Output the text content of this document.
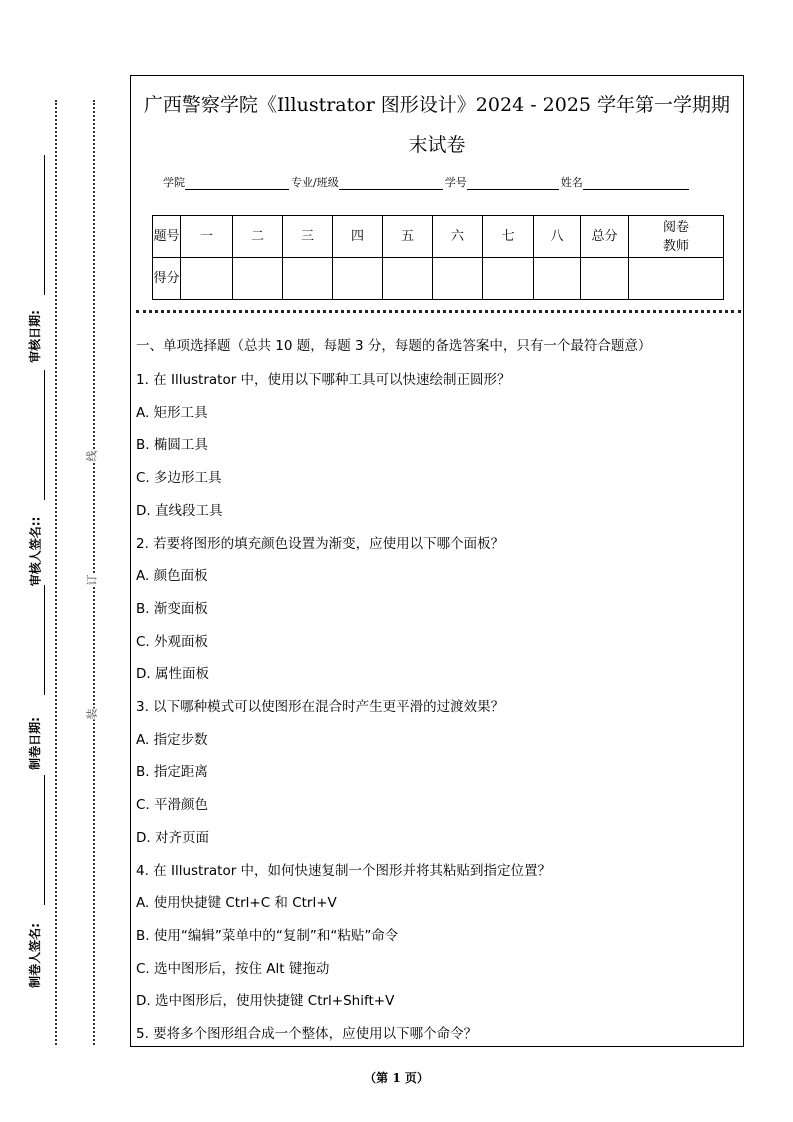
审核日期:
审核人签名::
制卷日期:
制卷人签名:
线
订
装
广西警察学院《Illustrator 图形设计》2024 - 2025 学年第一学期期
末试卷
学院	专业/班级	学号	姓名
题号	一	二	三	四	五	六	七	八	总分	阅卷教师
得分										
一、单项选择题（总共 10 题，每题 3 分，每题的备选答案中，只有一个最符合题意）
1. 在 Illustrator 中，使用以下哪种工具可以快速绘制正圆形？
A. 矩形工具
B. 椭圆工具
C. 多边形工具
D. 直线段工具
2. 若要将图形的填充颜色设置为渐变，应使用以下哪个面板？
A. 颜色面板
B. 渐变面板
C. 外观面板
D. 属性面板
3. 以下哪种模式可以使图形在混合时产生更平滑的过渡效果？
A. 指定步数
B. 指定距离
C. 平滑颜色
D. 对齐页面
4. 在 Illustrator 中，如何快速复制一个图形并将其粘贴到指定位置？
A. 使用快捷键 Ctrl+C 和 Ctrl+V
B. 使用“编辑”菜单中的“复制”和“粘贴”命令
C. 选中图形后，按住 Alt 键拖动
D. 选中图形后，使用快捷键 Ctrl+Shift+V
5. 要将多个图形组合成一个整体，应使用以下哪个命令？
（第 1 页）
